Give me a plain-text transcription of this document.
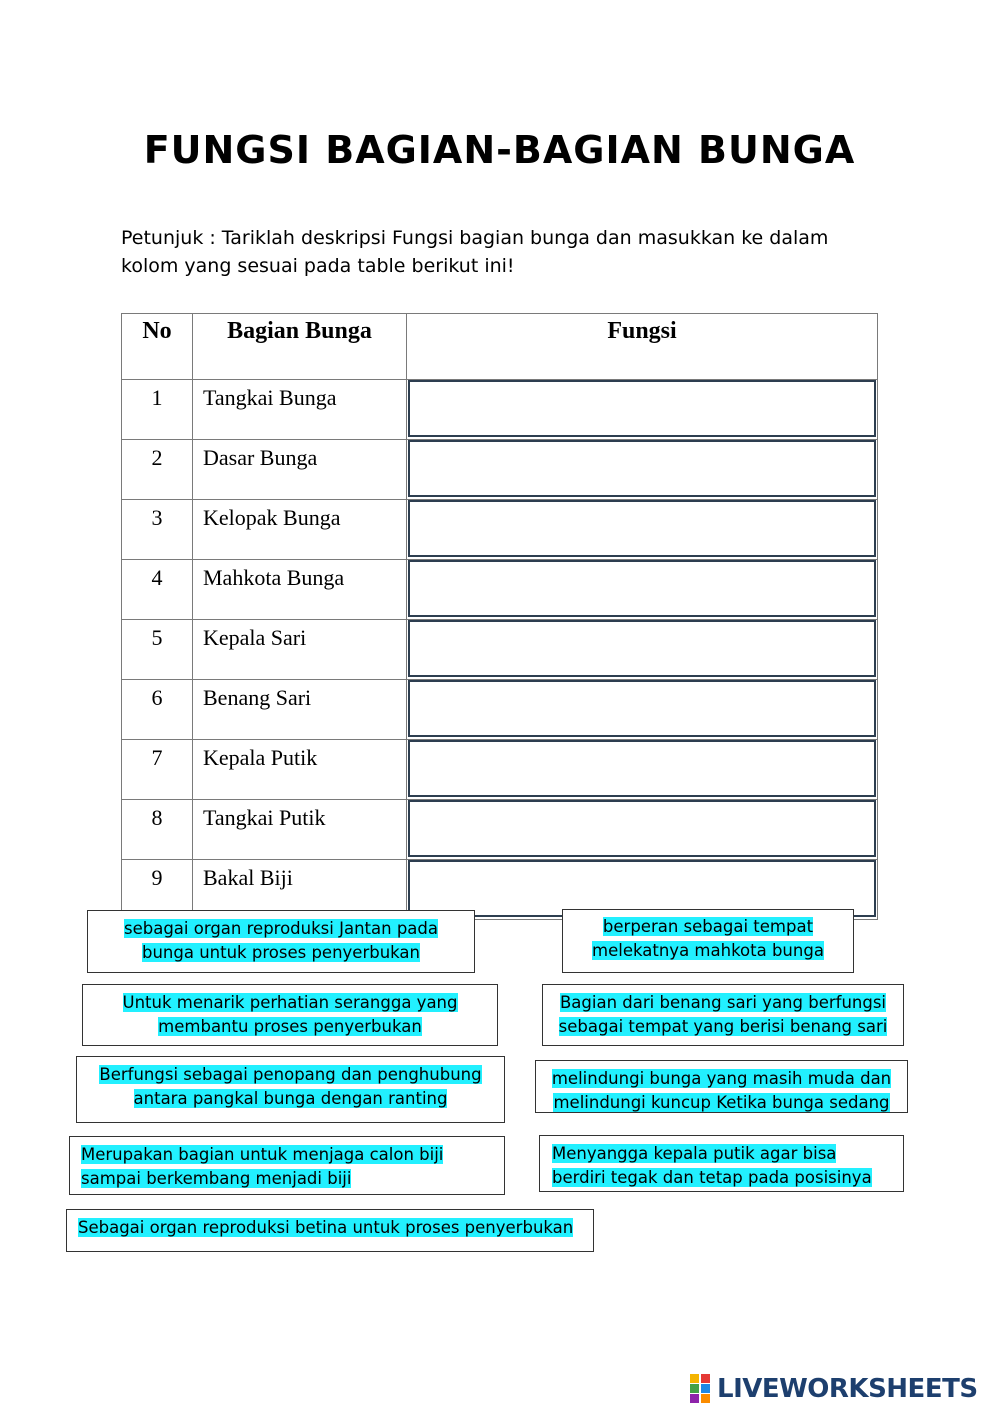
FUNGSI BAGIAN-BAGIAN BUNGA
Petunjuk : Tariklah deskripsi Fungsi bagian bunga dan masukkan ke dalam kolom yang sesuai pada table berikut ini!
No	Bagian Bunga	Fungsi
1	Tangkai Bunga	

2	Dasar Bunga	

3	Kelopak Bunga	

4	Mahkota Bunga	

5	Kepala Sari	

6	Benang Sari	

7	Kepala Putik	

8	Tangkai Putik	

9	Bakal Biji	
sebagai organ reproduksi Jantan pada
bunga untuk proses penyerbukan
berperan sebagai tempat
melekatnya mahkota bunga
Untuk menarik perhatian serangga yang
membantu proses penyerbukan
Bagian dari benang sari yang berfungsi
sebagai tempat yang berisi benang sari
Berfungsi sebagai penopang dan penghubung
antara pangkal bunga dengan ranting
melindungi bunga yang masih muda dan
melindungi kuncup Ketika bunga sedang
Merupakan bagian untuk menjaga calon biji
sampai berkembang menjadi biji
Menyangga kepala putik agar bisa
berdiri tegak dan tetap pada posisinya
Sebagai organ reproduksi betina untuk proses penyerbukan
LIVEWORKSHEETS
